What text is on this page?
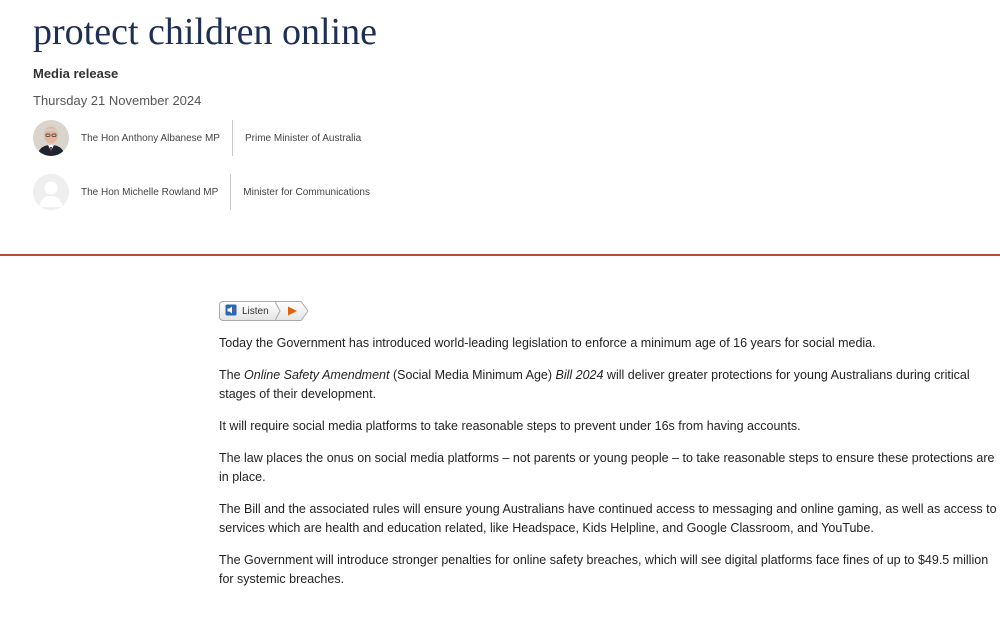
protect children online
Media release
Thursday 21 November 2024
The Hon Anthony Albanese MP	Prime Minister of Australia
The Hon Michelle Rowland MP	Minister for Communications
Listen

Today the Government has introduced world-leading legislation to enforce a minimum age of 16 years for social media.

The Online Safety Amendment (Social Media Minimum Age) Bill 2024 will deliver greater protections for young Australians during critical stages of their development.

It will require social media platforms to take reasonable steps to prevent under 16s from having accounts.

The law places the onus on social media platforms – not parents or young people – to take reasonable steps to ensure these protections are in place.

The Bill and the associated rules will ensure young Australians have continued access to messaging and online gaming, as well as access to services which are health and education related, like Headspace, Kids Helpline, and Google Classroom, and YouTube.

The Government will introduce stronger penalties for online safety breaches, which will see digital platforms face fines of up to $49.5 million for systemic breaches.
